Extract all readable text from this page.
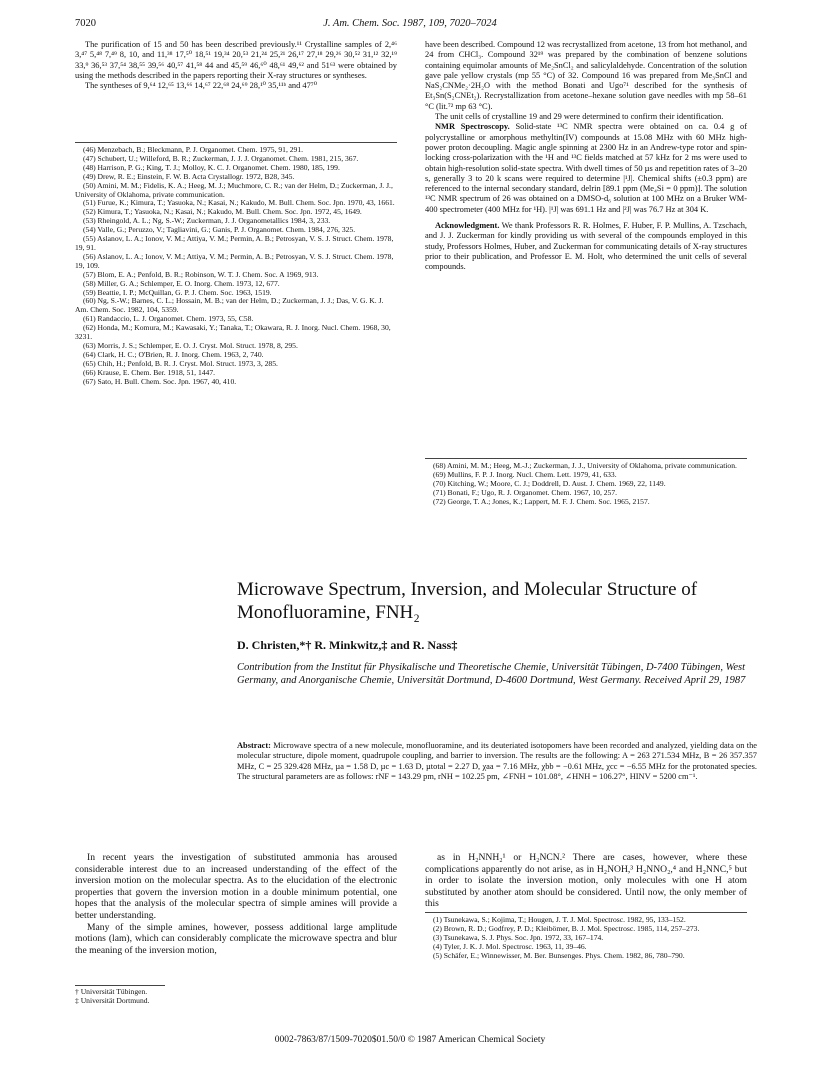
7020	J. Am. Chem. Soc. 1987, 109, 7020–7024

The purification of 15 and 50 has been described previously.¹¹ Crystalline samples of 2,⁴⁶ 3,⁴⁷ 5,⁴⁸ 7,⁴⁹ 8, 10, and 11,³⁸ 17,⁵⁰ 18,⁵¹ 19,³⁴ 20,⁵³ 21,²⁴ 25,²¹ 26,¹⁷ 27,¹⁸ 29,²⁶ 30,⁵² 31,¹² 32,¹⁹ 33,⁹ 36,⁵³ 37,⁵⁴ 38,⁵⁵ 39,⁵⁶ 40,⁵⁷ 41,⁵⁸ 44 and 45,⁵⁹ 46,⁶⁰ 48,⁶¹ 49,⁶² and 51⁶³ were obtained by using the methods described in the papers reporting their X-ray structures or syntheses.

The syntheses of 9,⁶⁴ 12,⁶⁵ 13,⁶⁶ 14,⁶⁷ 22,⁶⁸ 24,⁶⁹ 28,¹⁰ 35,¹¹ᵇ and 47⁷⁰

(46) Menzebach, B.; Bleckmann, P. J. Organomet. Chem. 1975, 91, 291.
(47) Schubert, U.; Willeford, B. R.; Zuckerman, J. J. J. Organomet. Chem. 1981, 215, 367.
(48) Harrison, P. G.; King, T. J.; Molloy, K. C. J. Organomet. Chem. 1980, 185, 199.
(49) Drew, R. E.; Einstein, F. W. B. Acta Crystallogr. 1972, B28, 345.
(50) Amini, M. M.; Fidelis, K. A.; Heeg, M. J.; Muchmore, C. R.; van der Helm, D.; Zuckerman, J. J., University of Oklahoma, private communication.
(51) Furue, K.; Kimura, T.; Yasuoka, N.; Kasai, N.; Kakudo, M. Bull. Chem. Soc. Jpn. 1970, 43, 1661.
(52) Kimura, T.; Yasuoka, N.; Kasai, N.; Kakudo, M. Bull. Chem. Soc. Jpn. 1972, 45, 1649.
(53) Rheingold, A. L.; Ng, S.-W.; Zuckerman, J. J. Organometallics 1984, 3, 233.
(54) Valle, G.; Peruzzo, V.; Tagliavini, G.; Ganis, P. J. Organomet. Chem. 1984, 276, 325.
(55) Aslanov, L. A.; Ionov, V. M.; Attiya, V. M.; Permin, A. B.; Petrosyan, V. S. J. Struct. Chem. 1978, 19, 91.
(56) Aslanov, L. A.; Ionov, V. M.; Attiya, V. M.; Permin, A. B.; Petrosyan, V. S. J. Struct. Chem. 1978, 19, 109.
(57) Blom, E. A.; Penfold, B. R.; Robinson, W. T. J. Chem. Soc. A 1969, 913.
(58) Miller, G. A.; Schlemper, E. O. Inorg. Chem. 1973, 12, 677.
(59) Beattie, I. P.; McQuillan, G. P. J. Chem. Soc. 1963, 1519.
(60) Ng, S.-W.; Barnes, C. L.; Hossain, M. B.; van der Helm, D.; Zuckerman, J. J.; Das, V. G. K. J. Am. Chem. Soc. 1982, 104, 5359.
(61) Randaccio, L. J. Organomet. Chem. 1973, 55, C58.
(62) Honda, M.; Komura, M.; Kawasaki, Y.; Tanaka, T.; Okawara, R. J. Inorg. Nucl. Chem. 1968, 30, 3231.
(63) Morris, J. S.; Schlemper, E. O. J. Cryst. Mol. Struct. 1978, 8, 295.
(64) Clark, H. C.; O'Brien, R. J. Inorg. Chem. 1963, 2, 740.
(65) Chih, H.; Penfold, B. R. J. Cryst. Mol. Struct. 1973, 3, 285.
(66) Krause, E. Chem. Ber. 1918, 51, 1447.
(67) Sato, H. Bull. Chem. Soc. Jpn. 1967, 40, 410.

have been described. Compound 12 was recrystallized from acetone, 13 from hot methanol, and 24 from CHCl₃. Compound 32¹⁹ was prepared by the combination of benzene solutions containing equimolar amounts of Me₂SnCl₂ and salicylaldehyde. Concentration of the solution gave pale yellow crystals (mp 55 °C) of 32. Compound 16 was prepared from Me₃SnCl and NaS₂CNMe₂·2H₂O with the method Bonati and Ugo⁷¹ described for the synthesis of Et₃Sn(S₂CNEt₂). Recrystallization from acetone–hexane solution gave needles with mp 58–61 °C (lit.⁷² mp 63 °C).

The unit cells of crystalline 19 and 29 were determined to confirm their identification.

NMR Spectroscopy. Solid-state ¹³C NMR spectra were obtained on ca. 0.4 g of polycrystalline or amorphous methyltin(IV) compounds at 15.08 MHz with 60 MHz high-power proton decoupling. Magic angle spinning at 2300 Hz in an Andrew-type rotor and spin-locking cross-polarization with the ¹H and ¹³C fields matched at 57 kHz for 2 ms were used to obtain high-resolution solid-state spectra. With dwell times of 50 µs and repetition rates of 3–20 s, generally 3 to 20 k scans were required to determine |¹J|. Chemical shifts (±0.3 ppm) are referenced to the internal secondary standard, delrin [89.1 ppm (Me₄Si = 0 ppm)]. The solution ¹³C NMR spectrum of 26 was obtained on a DMSO-d₆ solution at 100 MHz on a Bruker WM-400 spectrometer (400 MHz for ¹H). |¹J| was 691.1 Hz and |²J| was 76.7 Hz at 304 K.

Acknowledgment. We thank Professors R. R. Holmes, F. Huber, F. P. Mullins, A. Tzschach, and J. J. Zuckerman for kindly providing us with several of the compounds employed in this study, Professors Holmes, Huber, and Zuckerman for communicating details of X-ray structures prior to their publication, and Professor E. M. Holt, who determined the unit cells of several compounds.

(68) Amini, M. M.; Heeg, M.-J.; Zuckerman, J. J., University of Oklahoma, private communication.
(69) Mullins, F. P. J. Inorg. Nucl. Chem. Lett. 1979, 41, 633.
(70) Kitching, W.; Moore, C. J.; Doddrell, D. Aust. J. Chem. 1969, 22, 1149.
(71) Bonati, F.; Ugo, R. J. Organomet. Chem. 1967, 10, 257.
(72) George, T. A.; Jones, K.; Lappert, M. F. J. Chem. Soc. 1965, 2157.
Microwave Spectrum, Inversion, and Molecular Structure of
Monofluoramine, FNH₂
D. Christen,*† R. Minkwitz,‡ and R. Nass‡
Contribution from the Institut für Physikalische und Theoretische Chemie, Universität Tübingen, D-7400 Tübingen, West Germany, and Anorganische Chemie, Universität Dortmund, D-4600 Dortmund, West Germany. Received April 29, 1987
Abstract: Microwave spectra of a new molecule, monofluoramine, and its deuteriated isotopomers have been recorded and analyzed, yielding data on the molecular structure, dipole moment, quadrupole coupling, and barrier to inversion. The results are the following: A = 263 271.534 MHz, B = 26 357.357 MHz, C = 25 329.428 MHz, µa = 1.58 D, µc = 1.63 D, µtotal = 2.27 D, χaa = 7.16 MHz, χbb = −0.61 MHz, χcc = −6.55 MHz for the protonated species. The structural parameters are as follows: rNF = 143.29 pm, rNH = 102.25 pm, ∠FNH = 101.08°, ∠HNH = 106.27°, HINV = 5200 cm⁻¹.

In recent years the investigation of substituted ammonia has aroused considerable interest due to an increased understanding of the effect of the inversion motion on the molecular spectra. As to the elucidation of the electronic properties that govern the inversion motion in a double minimum potential, one hopes that the analysis of the molecular spectra of simple amines will provide a better understanding.

Many of the simple amines, however, possess additional large amplitude motions (lam), which can considerably complicate the microwave spectra and blur the meaning of the inversion motion,

† Universität Tübingen.
‡ Universität Dortmund.

as in H₂NNH₂¹ or H₂NCN.² There are cases, however, where these complications apparently do not arise, as in H₂NOH,³ H₂NNO₂,⁴ and H₂NNC,⁵ but in order to isolate the inversion motion, only molecules with one H atom substituted by another atom should be considered. Until now, the only member of this

(1) Tsunekawa, S.; Kojima, T.; Hougen, J. T. J. Mol. Spectrosc. 1982, 95, 133–152.
(2) Brown, R. D.; Godfrey, P. D.; Kleibömer, B. J. Mol. Spectrosc. 1985, 114, 257–273.
(3) Tsunekawa, S. J. Phys. Soc. Jpn. 1972, 33, 167–174.
(4) Tyler, J. K. J. Mol. Spectrosc. 1963, 11, 39–46.
(5) Schäfer, E.; Winnewisser, M. Ber. Bunsenges. Phys. Chem. 1982, 86, 780–790.
0002-7863/87/1509-7020$01.50/0 © 1987 American Chemical Society
